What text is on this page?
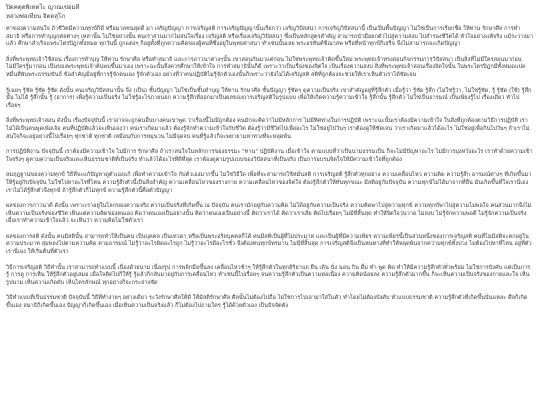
ปิดคตุดพิเทตโะ ญาณเข่อมที
หลวงพ่อเทียน จิตตสุโภ

ค่าของความสนใจ ถ้าชีวิตมีความทุกข์ก็ดี หรือมวลชนสุดดี มา เจริญปัญญา การเจริญสติ การเจริญปัญญานั้นเรียกว่า เจริญวิปัสสนา การเจริญวิปัสสนานี้ เป็นเป็นพื้นปัญญา ไม่ใช่เป็นการเรียกชื่อ ให้ทาน รักษาศีล การทำสมาธิ หรือการทำบุญกุศลต่างๆ เหล่านั้น ไม่ใช่อย่างนั้น คนเราส่วนมากไม่สนใจเรื่อง เจริญสติ หรือเรื่องเจริญวิปัสสนา ซึ่งเป็นหลักสูตรสำคัญ สามารถนำมือยกตัวไปสู่ความสงบ ไปสำรองชีวิตได้ หัวใจอย่างแท้จริง แม้ระวางมา แล้ว ศึกษาสำเร็จแพระไตรปิฎกทั้งหมด ทุกวันนี้ ถูกแต่งๆ ก็อยู่ตั้งที่ถูกความคิดของผู้คนที่ซึ่งอยู่ในพุทธศาสนา ทำเช่นนั้นเลย พระอรหันต์ขีณาสพ หรือที่หน้าทุกข์ก็เสร็จ จึงไม่สามารถจะเกิดปัญญา

สิ่งที่พระพุทธเจ้าใช้สอน เรื่องการทำบุญ ให้ทาน รักษาศีล หรือทำสมาธิ และการภาวนาต่างๆนั้น เขาสอนกันมาแต่ก่อน ไม่ใช่พระพุทธเจ้าคิดขึ้นใหม่ พระพุทธเจ้าทรงสอนกิจกรรมการวิปัสสนา เป็นสิ่งที่ไม่มีใครสอนมาก่อน ไม่มีใครรู้มาก่อน เป็นของพระพุทธเจ้าค้นพบขึ้นมาเอง เพราะฉะนั้นจึงควรศึกษาให้เข้าใจ การทำสมาธินั้นก็ดี เพราะว่าเป็นเรื่องของจิตใจ เป็นเรื่องความสงบ สิ่งที่พระพุทธเจ้าสอนเรื่องจิตใจนั้น ในพระไตรปิฎกมีทั้งหมดแปดหมื่นสี่พันพระธรรมขันธ์ ข้อสำคัญมีอยู่ที่การรู้จักตนเอง รู้จักตัวเอง อย่างที่ว่าคนปฏิบัติไม่รู้จักตัวเองนั้นก็เพราะว่ายังไม่ได้เจริญสติ สติที่ถูกต้องจะช่วยให้เราเห็นตัวเราได้ชัดเจน

รู้เฉยๆ รู้ชัด รู้ชัด รู้ชัด ดังนั้น คนเจริญวิปัสสนานั้น จึง (เป็น) ชั้นปัญญา ไม่ใช่เป็นชั้นทำบุญ ให้ทาน รักษาศีล ชั้นปัญญา รู้ชัดๆ ดูความเป็นจริง เขาสำคัญอยู่ที่รู้สึกตัว เมื่อรู้ว่า รู้ชัด รู้สึก (ไม่ใช่รู้ว่า, ไม่ใช่รู้ชัด, รู้ รู้ชัด (ใช้) รู้สึกนั้น ไม่ได้ รู้สึกนั้น รู้ (อาการ) เพื่อรู้ความเป็นจริง ไม่ใช่รู้อะไรภายนอก ความรู้สึกที่ออกมาเป็นผลของการเจริญสติในรูปแบบ เพื่อให้เกิดความรู้ความเข้าใจ รู้สึกนั้น รู้สึกตัว ไม่ใช่เป็นอารมณ์ เป็นเพียงรู้ไป เรื่องเดียว ทำไปเรื่อยๆ

สิ่งที่พระพุทธเจ้าสอน ดังนั้น เรื่องปัจจุบันนี้ เราอาจจะถูกคนอื่นบางคนเขาพูด ว่าเรื่องนี้ไม่มีถูกต้อง คนมักจะคิดว่าไม่มีหลักการ ไม่มีทิศทางในการปฏิบัติ เพราะฉะนั้นเราต้องมีความเข้าใจ ในสิ่งที่ถูกต้องตามวิธีการปฏิบัติ เราไม่ได้เป็นคนพูดเพ้อเจ้อ คนที่ปฏิบัติแล้วจะเห็นเองว่า คนเราเกิดมาแล้ว ต้องรู้จักทำความเข้าใจกับชีวิต ต้องรู้ว่ามีชีวิตไปเพื่ออะไร ไม่ใช่อยู่ไปวันๆ เราต้องดูให้ชัดเจน ว่าเราเกิดมาแล้วได้อะไร ไม่ใช่อยู่เพื่อกินไปวันๆ ถ้าเราไม่สนใจก็จะอยู่อย่างนี้ไปเรื่อยๆ ทุกชาติ ทุกชาติ เหมือนกับการหมุนวน ไม่มีจุดจบ คนที่รู้แล้วก็จะพยายามหาทางที่จะหลุดพ้น

การปฏิบัติงาน ปัจจุบันนี้ เราต้องมีความเข้าใจ ไม่มีการ รักษาศีล ถ้าเราสนใจในหลักการของธรรมะ "ทาน" ปฏิบัติงาน เมื่อเข้าใจ ตามแบบที่ว่าเป็นนามธรรมเป็น ก็จะไม่มีปัญหาอะไร ไม่มีการมุ่งหวังอะไร เราทำด้วยความเข้าใจจริงๆ ดูตามความเป็นจริงและเห็นธรรมชาติที่เป็นจริง ทำแล้วได้อะไรที่ดีที่สุด เราต้องดูตามรูปแบบของวิปัสสนาที่เป็นจริง เป็นการอบรมจิตใจให้มีความเข้าใจที่ถูกต้อง

สมฤฎฐานของความทุกข์ วิธีที่จะแก้ปัญหาดูตัวเองแก้ เพื่อทำความเข้าใจ กับตัวเองมากขึ้น ไม่ใช่วิธีใด เพื่อที่จะสามารถใช้หมั่นสติ การเจริญสติ รู้สึกตัวทุกอย่าง ความเคลื่อนไหว ความคิด ความรู้สึก อารมณ์ต่างๆ ที่เกิดขึ้นมา ให้รู้อยู่กับปัจจุบัน ไม่ใช่ไปหาอะไรที่ไหน ความรู้สึกตัวนี้เป็นสิ่งสำคัญ ความเคลื่อนไหวของร่างกาย ความเคลื่อนไหวของจิตใจ ต้องรู้สึกตัวให้ทันทุกขณะ มีสติอยู่กับปัจจุบัน ความทุกข์ไม่ได้มาจากที่อื่น มันเกิดขึ้นที่ใจเรานี่เอง เราไม่ได้รู้สึกตัวจึงทุกข์ ถ้ารู้สึกตัวก็ไม่ทุกข์ ความรู้สึกตัวนี้คือตัวปัญญา

ผลของการภาวนาดี ดังนั้น เพราะเราอยู่ในโลกของความจริง ความเป็นจริงที่เกิดขึ้น ณ ปัจจุบัน คนเรามักอยู่กับความคิด ไม่ได้อยู่กับความเป็นจริง ความคิดพาไปสู่ความทุกข์ ความทุกข์พาไปสู่ความไม่พอใจ คนส่วนมากจึงไม่เห็นความเป็นจริงของชีวิต เห็นแต่ความคิดของตนเอง คิดว่าตนเองเป็นอย่างนั้น คิดว่าตนเองเป็นอย่างนี้ คิดว่าเราได้ คิดว่าเราเสีย คิดไปเรื่อยๆ ไม่มีที่สิ้นสุด ทำให้จิตใจวุ่นวาย ไม่สงบ ไม่รู้จักความพอดี ไม่รู้จักความเป็นจริง เมื่อเราทำความเข้าใจแล้ว จะเห็นว่า ความคิดไม่ใช่ตัวเรา

ผลของการสติ ดังนั้น คนมีสตินั้น สามารถทำให้เป็นคน เป็นบุคคล เป็นเทวดา หรือเป็นพระอริยบุคคลก็ได้ คนมีสติเป็นผู้ที่ไม่ประมาท และเป็นผู้ที่มีความเพียร ความเพียรนี้เป็นส่วนหนึ่งของการเจริญสติ คนที่ไม่มีสติจะตกอยู่ในความประมาท ลุ่มหลงไปตามความคิด ตามอารมณ์ ไม่รู้ว่าอะไรผิดอะไรถูก ไม่รู้ว่าอะไรดีอะไรชั่ว จึงต้องทนทุกข์ทรมาน ไม่มีที่สิ้นสุด การเจริญสติจึงเป็นหนทางที่ทำให้หลุดพ้นจากความทุกข์ทั้งปวง ไม่ต้องไปหาที่ไหน อยู่ที่ตัวเรานี่เอง ให้เริ่มต้นที่ตัวเรา

วิธีการเจริญสติ วิธีทำนั้น เราสามารถทำแบบนี้ เนื่องด้วยนาม เนื่องรูป การพลิกมือขึ้นลง เคลื่อนไหวช้าๆ ให้รู้สึกตัวในทุกอิริยาบถ ยืน เดิน นั่ง นอน กิน ดื่ม ทำ พูด คิด ทำให้มีความรู้สึกตัวทั่วพร้อม ไม่ใช่การบังคับ แต่เป็นการรู้ การดู การเห็น ให้รู้สึกตัวอยู่เสมอ เมื่อใจคิดไปก็ให้รู้ รู้แล้วก็กลับมาอยู่กับการเคลื่อนไหว ทำเช่นนี้ไปเรื่อยๆ จนความรู้สึกตัวเป็นความต่อเนื่อง ความคิดน้อยลง ความรู้สึกตัวมากขึ้น ก็จะเห็นความเป็นจริงของกายและใจ เห็นรูปนาม เห็นความเกิดดับ เห็นไตรลักษณ์ ทุกอย่างก็จะกระจ่างชัด

วิธีทำแบบที่เป็นธรรมชาติ ปัจจุบันนี้ วิธีที่ทำง่ายๆ อย่างเดียว ระวังรักษาศีลให้ดี ให้มีสติรักษาศีล ศีลนั้นไม่ต้องไปถือ ไม่ใช่การไปเอามาใส่ในตัว ทำโดยไม่ต้องบังคับ ทำแบบธรรมชาติ ความรู้สึกตัวที่เกิดขึ้นนั่นแหละ ศีลก็เกิดขึ้นเอง สมาธิก็เกิดขึ้นเอง ปัญญาก็เกิดขึ้นเอง เมื่อเห็นความเป็นจริงแล้ว ก็ไม่ต้องไปถามใคร รู้ได้ด้วยตัวเอง เป็นปัจจัตตัง
